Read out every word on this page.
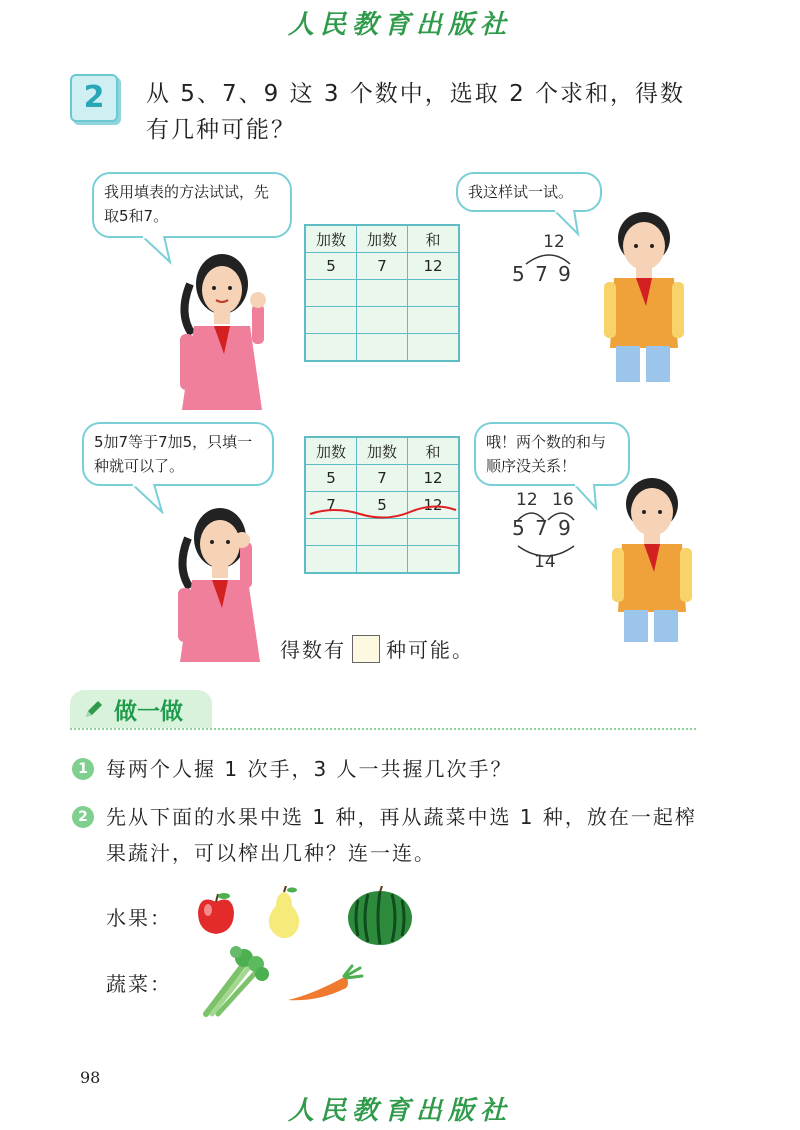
人民教育出版社
2	从 5、7、9 这 3 个数中，选取 2 个求和，得数有几种可能？
我用填表的方法试试，先取5和7。
加数	加数	和
5	7	12

我这样试一试。
12
5 7 9
5加7等于7加5，只填一种就可以了。
加数	加数	和
5	7	12
7	5	12

哦！两个数的和与顺序没关系！
12 16
5 7 9
14
得数有 种可能。
做一做
1 每两个人握 1 次手，3 人一共握几次手？
2 先从下面的水果中选 1 种，再从蔬菜中选 1 种，放在一起榨果蔬汁，可以榨出几种？连一连。
水果：
蔬菜：
98
人民教育出版社
